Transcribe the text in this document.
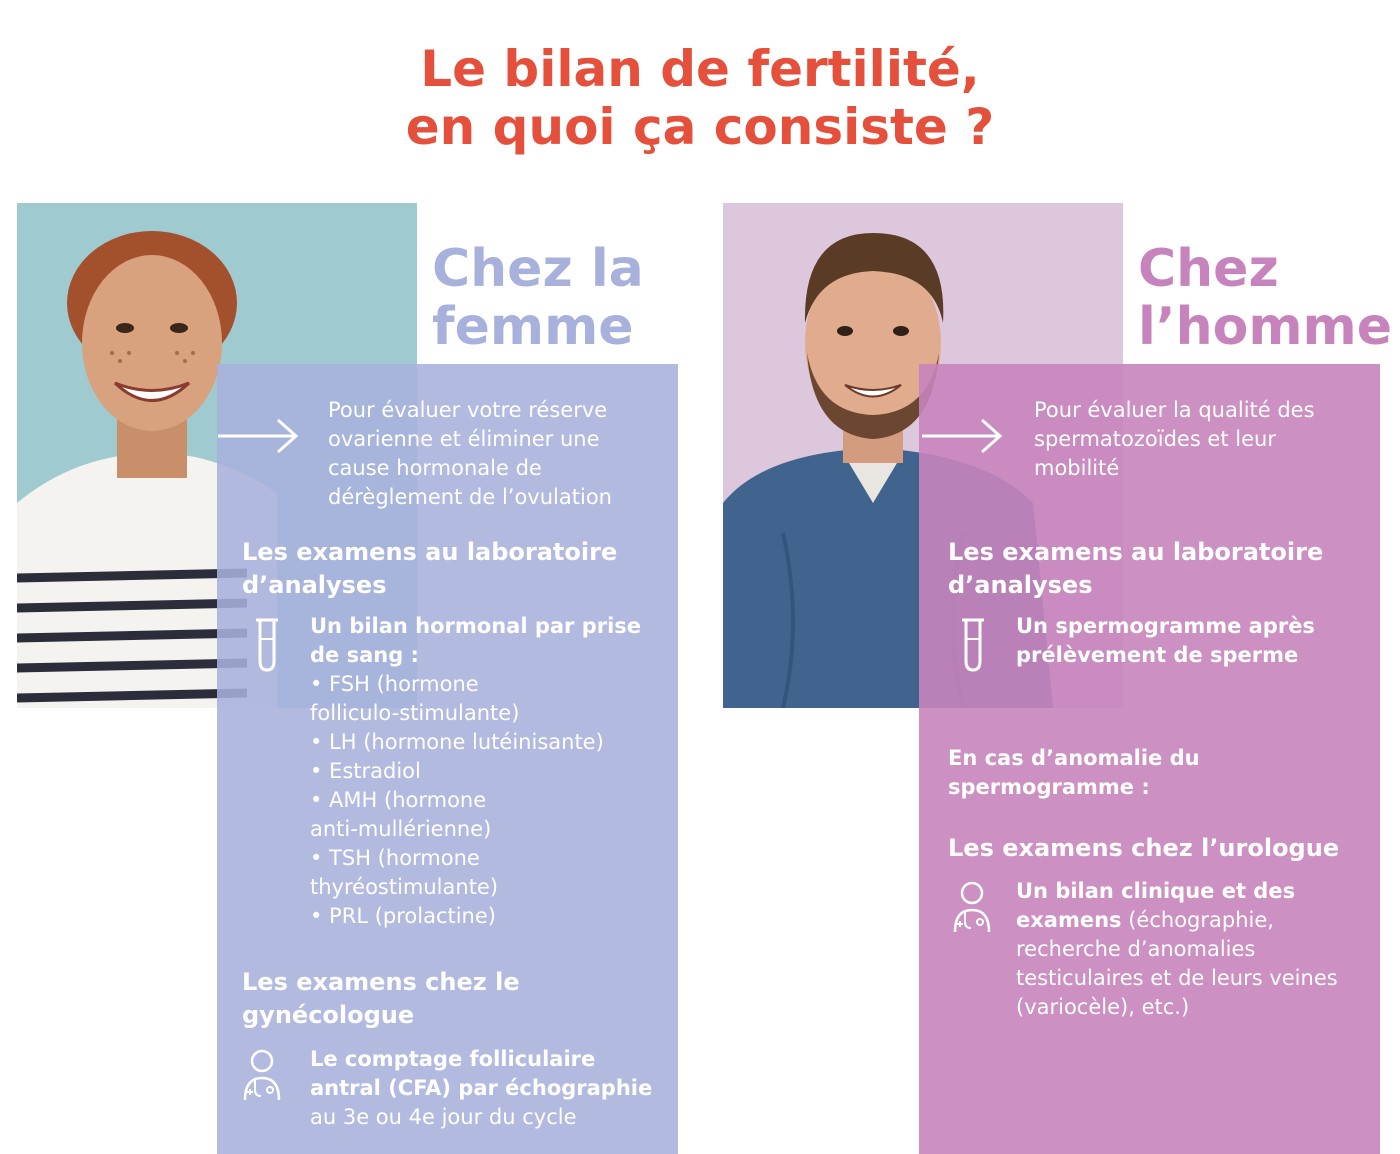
Le bilan de fertilité,
en quoi ça consiste ?
Chez la
femme

Pour évaluer votre réserve
ovarienne et éliminer une
cause hormonale de
dérèglement de l’ovulation

Les examens au laboratoire
d’analyses
Un bilan hormonal par prise
de sang :
• FSH (hormone
folliculo-stimulante)
• LH (hormone lutéinisante)
• Estradiol
• AMH (hormone
anti-mullérienne)
• TSH (hormone
thyréostimulante)
• PRL (prolactine)
Les examens chez le
gynécologue

Le comptage folliculaire
antral (CFA) par échographie
au 3e ou 4e jour du cycle

Chez
l’homme

Pour évaluer la qualité des
spermatozoïdes et leur
mobilité

Les examens au laboratoire
d’analyses

Un spermogramme après
prélèvement de sperme

En cas d’anomalie du
spermogramme :

Les examens chez l’urologue

Un bilan clinique et des
examens (échographie,
recherche d’anomalies
testiculaires et de leurs veines
(variocèle), etc.)
